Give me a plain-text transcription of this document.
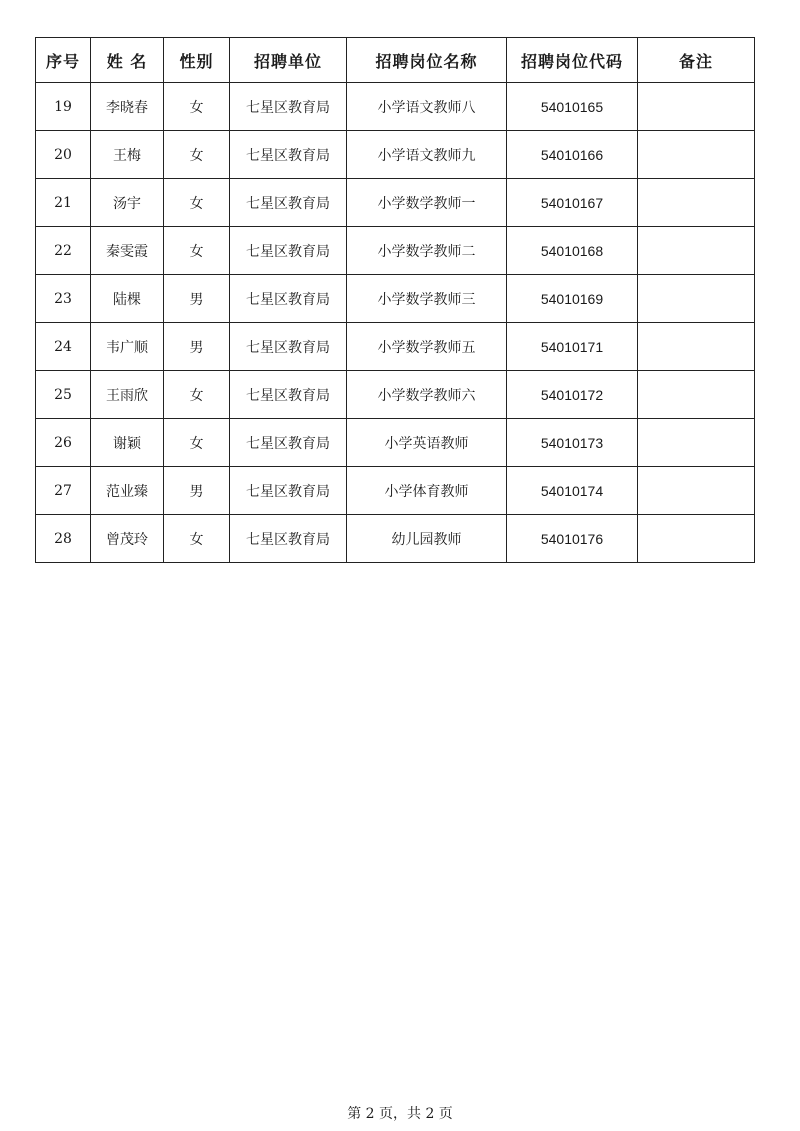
序号	姓 名	性别	招聘单位	招聘岗位名称	招聘岗位代码	备注
19	李晓春	女	七星区教育局	小学语文教师八	54010165	
20	王梅	女	七星区教育局	小学语文教师九	54010166	
21	汤宇	女	七星区教育局	小学数学教师一	54010167	
22	秦雯霞	女	七星区教育局	小学数学教师二	54010168	
23	陆棵	男	七星区教育局	小学数学教师三	54010169	
24	韦广顺	男	七星区教育局	小学数学教师五	54010171	
25	王雨欣	女	七星区教育局	小学数学教师六	54010172	
26	谢颖	女	七星区教育局	小学英语教师	54010173	
27	范业臻	男	七星区教育局	小学体育教师	54010174	
28	曾茂玲	女	七星区教育局	幼儿园教师	54010176	
第 2 页，共 2 页
